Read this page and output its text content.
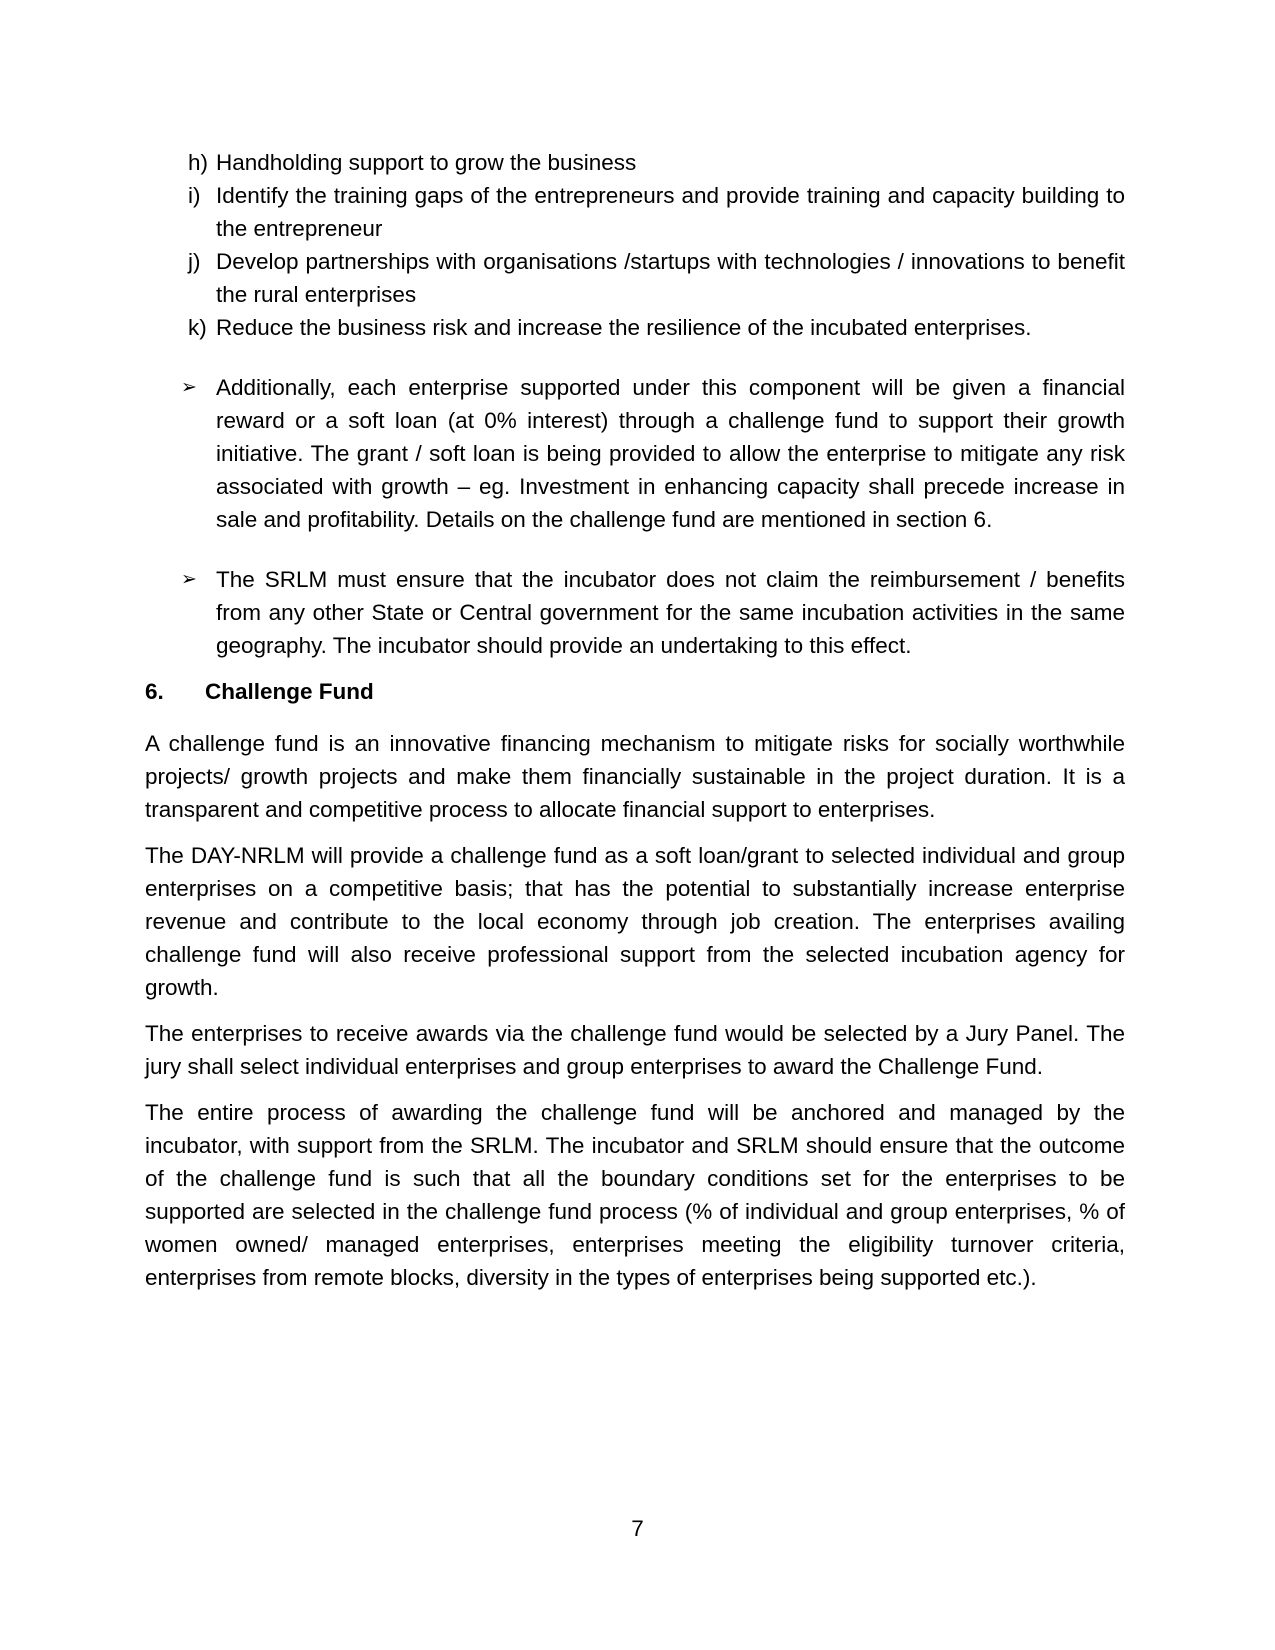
h) Handholding support to grow the business
i) Identify the training gaps of the entrepreneurs and provide training and capacity building to the entrepreneur
j) Develop partnerships with organisations /startups with technologies / innovations to benefit the rural enterprises
k) Reduce the business risk and increase the resilience of the incubated enterprises.
➢ Additionally, each enterprise supported under this component will be given a financial reward or a soft loan (at 0% interest) through a challenge fund to support their growth initiative. The grant / soft loan is being provided to allow the enterprise to mitigate any risk associated with growth – eg. Investment in enhancing capacity shall precede increase in sale and profitability. Details on the challenge fund are mentioned in section 6.
➢ The SRLM must ensure that the incubator does not claim the reimbursement / benefits from any other State or Central government for the same incubation activities in the same geography. The incubator should provide an undertaking to this effect.
6. Challenge Fund

A challenge fund is an innovative financing mechanism to mitigate risks for socially worthwhile projects/ growth projects and make them financially sustainable in the project duration. It is a transparent and competitive process to allocate financial support to enterprises.

The DAY-NRLM will provide a challenge fund as a soft loan/grant to selected individual and group enterprises on a competitive basis; that has the potential to substantially increase enterprise revenue and contribute to the local economy through job creation. The enterprises availing challenge fund will also receive professional support from the selected incubation agency for growth.

The enterprises to receive awards via the challenge fund would be selected by a Jury Panel. The jury shall select individual enterprises and group enterprises to award the Challenge Fund.

The entire process of awarding the challenge fund will be anchored and managed by the incubator, with support from the SRLM. The incubator and SRLM should ensure that the outcome of the challenge fund is such that all the boundary conditions set for the enterprises to be supported are selected in the challenge fund process (% of individual and group enterprises, % of women owned/ managed enterprises, enterprises meeting the eligibility turnover criteria, enterprises from remote blocks, diversity in the types of enterprises being supported etc.).

7
